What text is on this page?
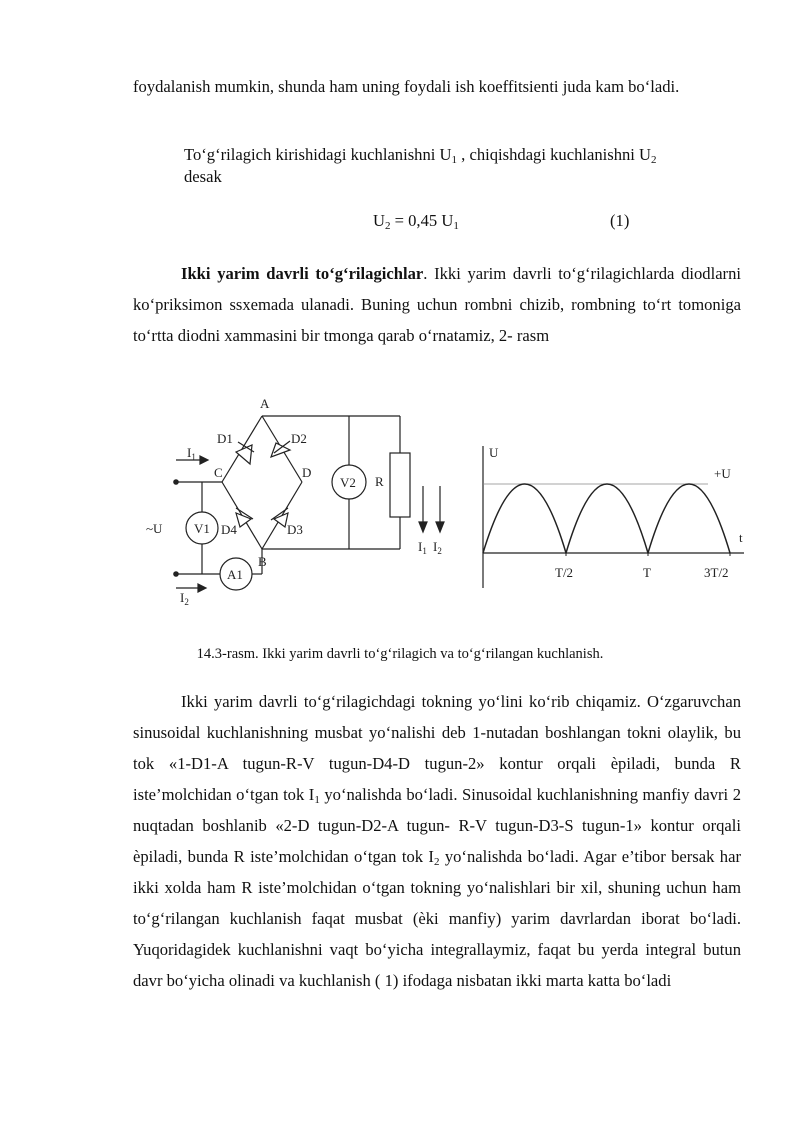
foydalanish mumkin, shunda ham uning foydali ish koeffitsienti juda kam bo‘ladi.

To‘g‘rilagich kirishidagi kuchlanishni $U_1$ , chiqishdagi kuchlanishni $U_2$
desak
$U_2 = 0,45$ $U_1$	(1)

Ikki yarim davrli to‘g‘rilagichlar. Ikki yarim davrli to‘g‘rilagichlarda diodlarni ko‘priksimon ssxemada ulanadi. Buning uchun rombni chizib, rombning to‘rt tomoniga to‘rtta diodni xammasini bir tmonga qarab o‘rnatamiz, 2- rasm

A
D1	D2
C	D
D4	D3
B
V2 R
V1
A1
~U
$I_1$
$I_2$
$I_1$ $I_2$
U
t
+U
T/2	T	3T/2
14.3-rasm. Ikki yarim davrli to‘g‘rilagich va to‘g‘rilangan kuchlanish.

Ikki yarim davrli to‘g‘rilagichdagi tokning yo‘lini ko‘rib chiqamiz. O‘zgaruvchan sinusoidal kuchlanishning musbat yo‘nalishi deb 1-nutadan boshlangan tokni olaylik, bu tok «1-D1-A tugun-R-V tugun-D4-D tugun-2» kontur orqali èpiladi, bunda R iste’molchidan o‘tgan tok $I_1$ yo‘nalishda bo‘ladi. Sinusoidal kuchlanishning manfiy davri 2 nuqtadan boshlanib «2-D tugun-D2-A tugun- R-V tugun-D3-S tugun-1» kontur orqali èpiladi, bunda R iste’molchidan o‘tgan tok $I_2$ yo‘nalishda bo‘ladi. Agar e’tibor bersak har ikki xolda ham R iste’molchidan o‘tgan tokning yo‘nalishlari bir xil, shuning uchun ham to‘g‘rilangan kuchlanish faqat musbat (èki manfiy) yarim davrlardan iborat bo‘ladi. Yuqoridagidek kuchlanishni vaqt bo‘yicha integrallaymiz, faqat bu yerda integral butun davr bo‘yicha olinadi va kuchlanish ( 1) ifodaga nisbatan ikki marta katta bo‘ladi
